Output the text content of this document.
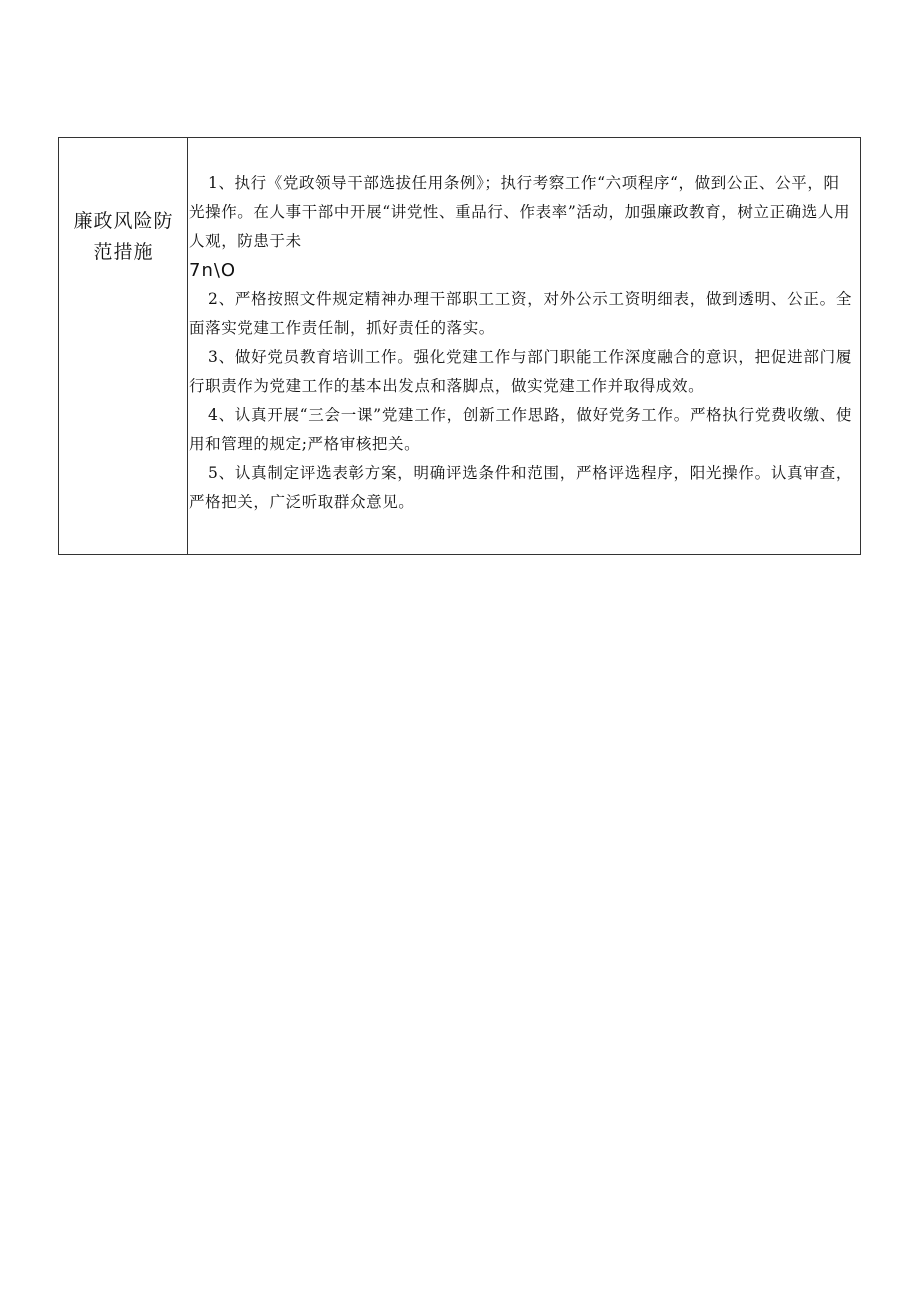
廉政风险防范措施

1、执行《党政领导干部选拔任用条例》；执行考察工作“六项程序“，做到公正、公平，阳光操作。在人事干部中开展“讲党性、重品行、作表率”活动，加强廉政教育，树立正确选人用人观，防患于未
7n\O

2、严格按照文件规定精神办理干部职工工资，对外公示工资明细表，做到透明、公正。全面落实党建工作责任制，抓好责任的落实。

3、做好党员教育培训工作。强化党建工作与部门职能工作深度融合的意识，把促进部门履行职责作为党建工作的基本出发点和落脚点，做实党建工作并取得成效。

4、认真开展“三会一课”党建工作，创新工作思路，做好党务工作。严格执行党费收缴、使用和管理的规定;严格审核把关。

5、认真制定评选表彰方案，明确评选条件和范围，严格评选程序，阳光操作。认真审查，严格把关，广泛听取群众意见。
